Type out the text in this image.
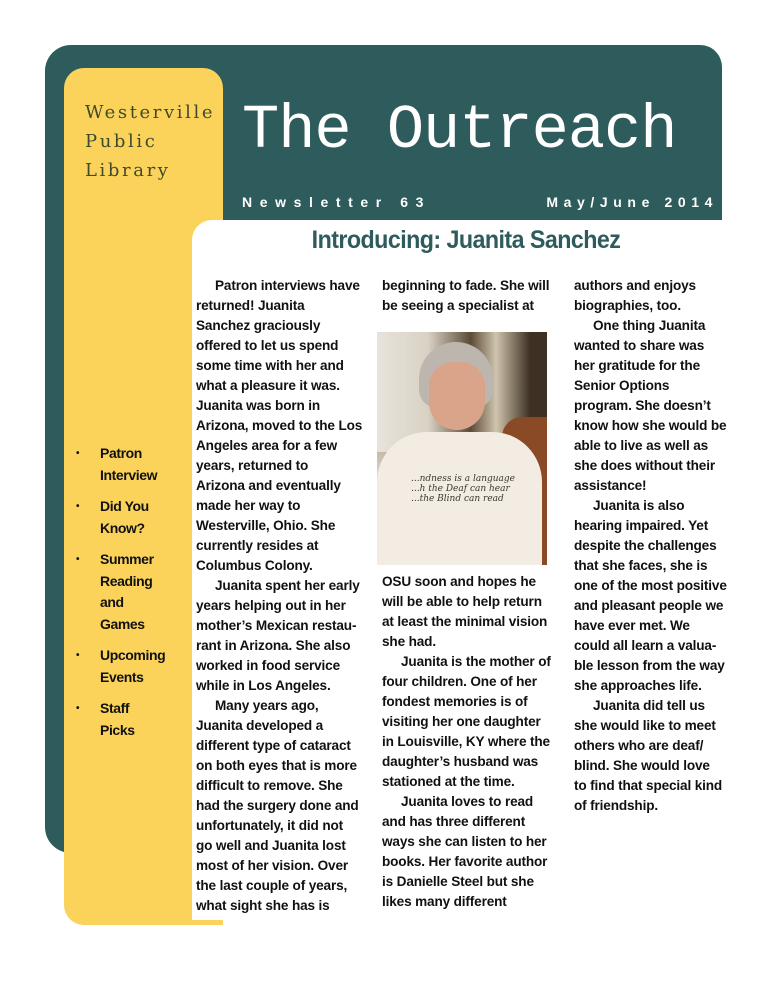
Westerville
Public
Library
The Outreach
Newsletter 63	May/June 2014
Introducing: Juanita Sanchez
• Patron
Interview
• Did You
Know?
• Summer
Reading
and
Games
• Upcoming
Events
• Staff
Picks
Patron interviews have
returned! Juanita
Sanchez graciously
offered to let us spend
some time with her and
what a pleasure it was.
Juanita was born in
Arizona, moved to the Los
Angeles area for a few
years, returned to
Arizona and eventually
made her way to
Westerville, Ohio. She
currently resides at
Columbus Colony.
Juanita spent her early
years helping out in her
mother’s Mexican restau-
rant in Arizona. She also
worked in food service
while in Los Angeles.
Many years ago,
Juanita developed a
different type of cataract
on both eyes that is more
difficult to remove. She
had the surgery done and
unfortunately, it did not
go well and Juanita lost
most of her vision. Over
the last couple of years,
what sight she has is
beginning to fade. She will
be seeing a specialist at
OSU soon and hopes he
will be able to help return
at least the minimal vision
she had.
Juanita is the mother of
four children. One of her
fondest memories is of
visiting her one daughter
in Louisville, KY where the
daughter’s husband was
stationed at the time.
Juanita loves to read
and has three different
ways she can listen to her
books. Her favorite author
is Danielle Steel but she
likes many different
authors and enjoys
biographies, too.
One thing Juanita
wanted to share was
her gratitude for the
Senior Options
program. She doesn’t
know how she would be
able to live as well as
she does without their
assistance!
Juanita is also
hearing impaired. Yet
despite the challenges
that she faces, she is
one of the most positive
and pleasant people we
have ever met. We
could all learn a valua-
ble lesson from the way
she approaches life.
Juanita did tell us
she would like to meet
others who are deaf/
blind. She would love
to find that special kind
of friendship.
...ndness is a language ...h the Deaf can hear ...the Blind can read
